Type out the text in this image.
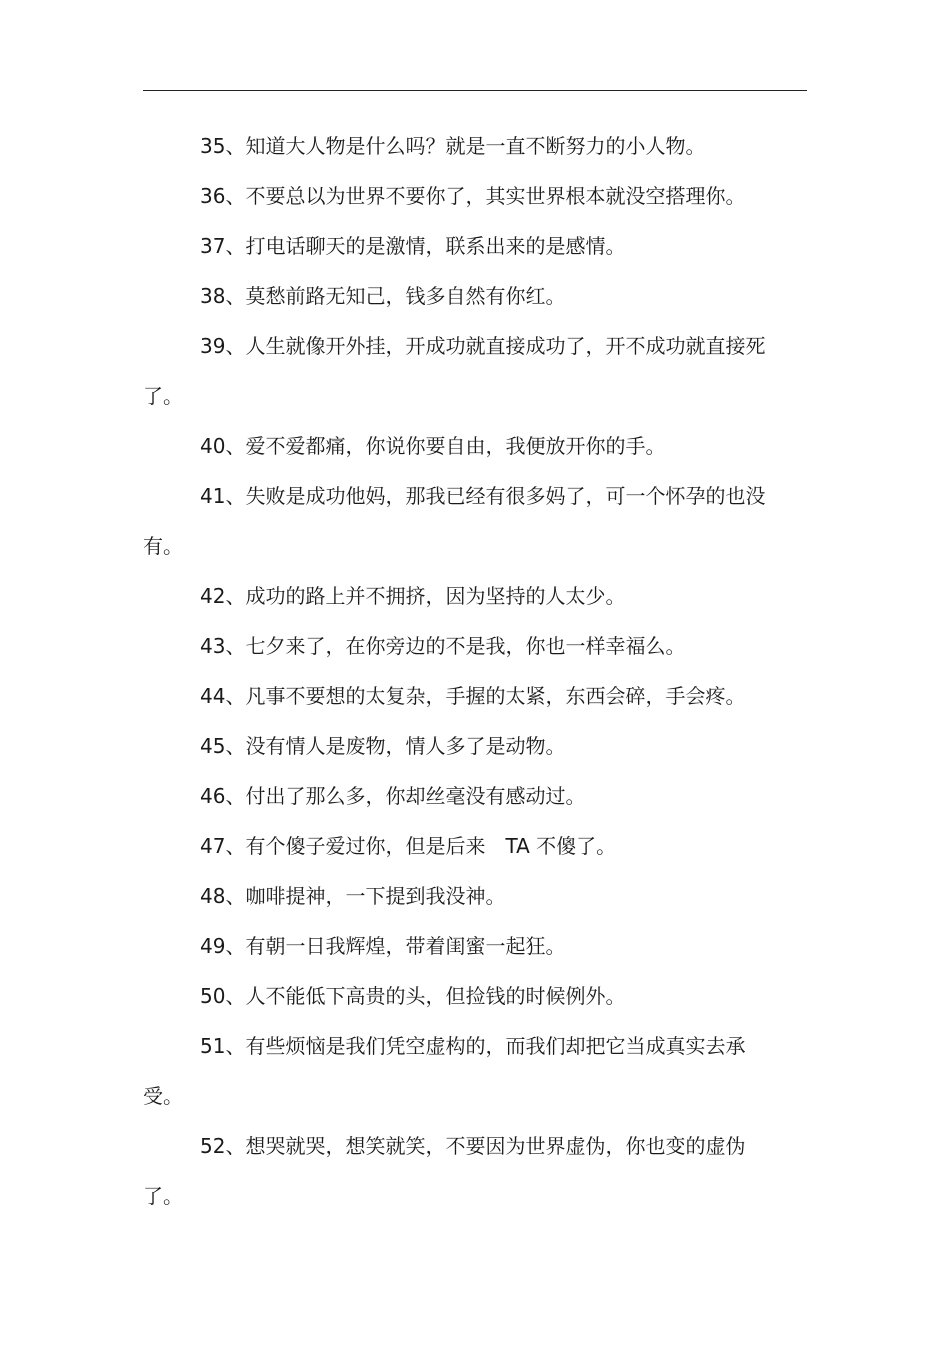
35、知道大人物是什么吗？就是一直不断努力的小人物。

36、不要总以为世界不要你了，其实世界根本就没空搭理你。

37、打电话聊天的是激情，联系出来的是感情。

38、莫愁前路无知己，钱多自然有你红。

39、人生就像开外挂，开成功就直接成功了，开不成功就直接死了。

40、爱不爱都痛，你说你要自由，我便放开你的手。

41、失败是成功他妈，那我已经有很多妈了，可一个怀孕的也没有。

42、成功的路上并不拥挤，因为坚持的人太少。

43、七夕来了，在你旁边的不是我，你也一样幸福么。

44、凡事不要想的太复杂，手握的太紧，东西会碎，手会疼。

45、没有情人是废物，情人多了是动物。

46、付出了那么多，你却丝毫没有感动过。

47、有个傻子爱过你，但是后来　TA 不傻了。

48、咖啡提神，一下提到我没神。

49、有朝一日我辉煌，带着闺蜜一起狂。

50、人不能低下高贵的头，但捡钱的时候例外。

51、有些烦恼是我们凭空虚构的，而我们却把它当成真实去承受。

52、想哭就哭，想笑就笑，不要因为世界虚伪，你也变的虚伪了。
